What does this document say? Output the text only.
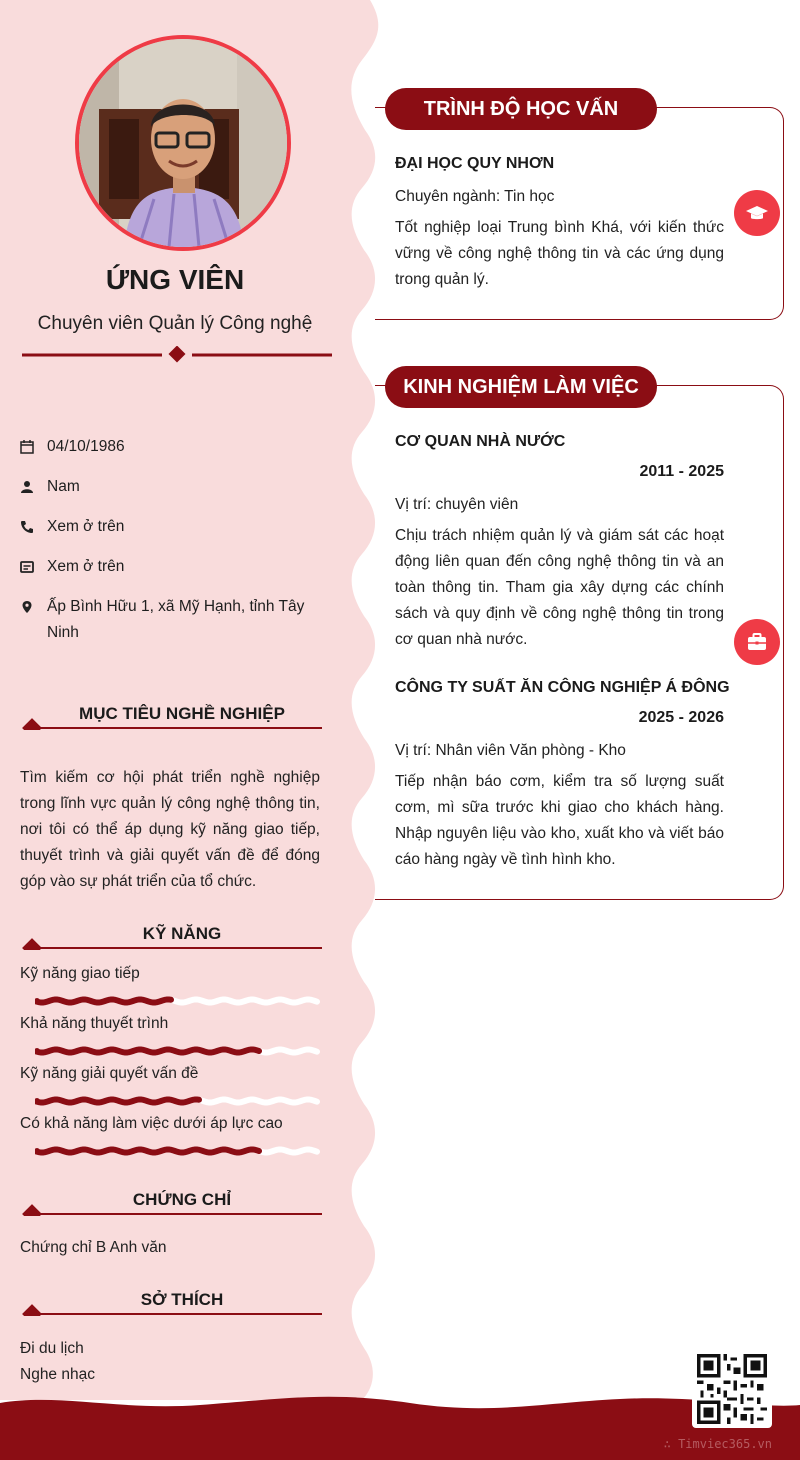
ỨNG VIÊN
Chuyên viên Quản lý Công nghệ
04/10/1986
Nam
Xem ở trên
Xem ở trên
Ấp Bình Hữu 1, xã Mỹ Hạnh, tỉnh Tây Ninh
MỤC TIÊU NGHỀ NGHIỆP
Tìm kiếm cơ hội phát triển nghề nghiệp trong lĩnh vực quản lý công nghệ thông tin, nơi tôi có thể áp dụng kỹ năng giao tiếp, thuyết trình và giải quyết vấn đề để đóng góp vào sự phát triển của tổ chức.
KỸ NĂNG
Kỹ năng giao tiếp
Khả năng thuyết trình
Kỹ năng giải quyết vấn đề
Có khả năng làm việc dưới áp lực cao
CHỨNG CHỈ
Chứng chỉ B Anh văn
SỞ THÍCH
Đi du lịch
Nghe nhạc
TRÌNH ĐỘ HỌC VẤN
ĐẠI HỌC QUY NHƠN
Chuyên ngành: Tin học
Tốt nghiệp loại Trung bình Khá, với kiến thức vững về công nghệ thông tin và các ứng dụng trong quản lý.
KINH NGHIỆM LÀM VIỆC
CƠ QUAN NHÀ NƯỚC
2011 - 2025
Vị trí: chuyên viên
Chịu trách nhiệm quản lý và giám sát các hoạt động liên quan đến công nghệ thông tin và an toàn thông tin. Tham gia xây dựng các chính sách và quy định về công nghệ thông tin trong cơ quan nhà nước.
CÔNG TY SUẤT ĂN CÔNG NGHIỆP Á ĐÔNG
2025 - 2026
Vị trí: Nhân viên Văn phòng - Kho
Tiếp nhận báo cơm, kiểm tra số lượng suất cơm, mì sữa trước khi giao cho khách hàng. Nhập nguyên liệu vào kho, xuất kho và viết báo cáo hàng ngày về tình hình kho.
∴ Timviec365.vn
